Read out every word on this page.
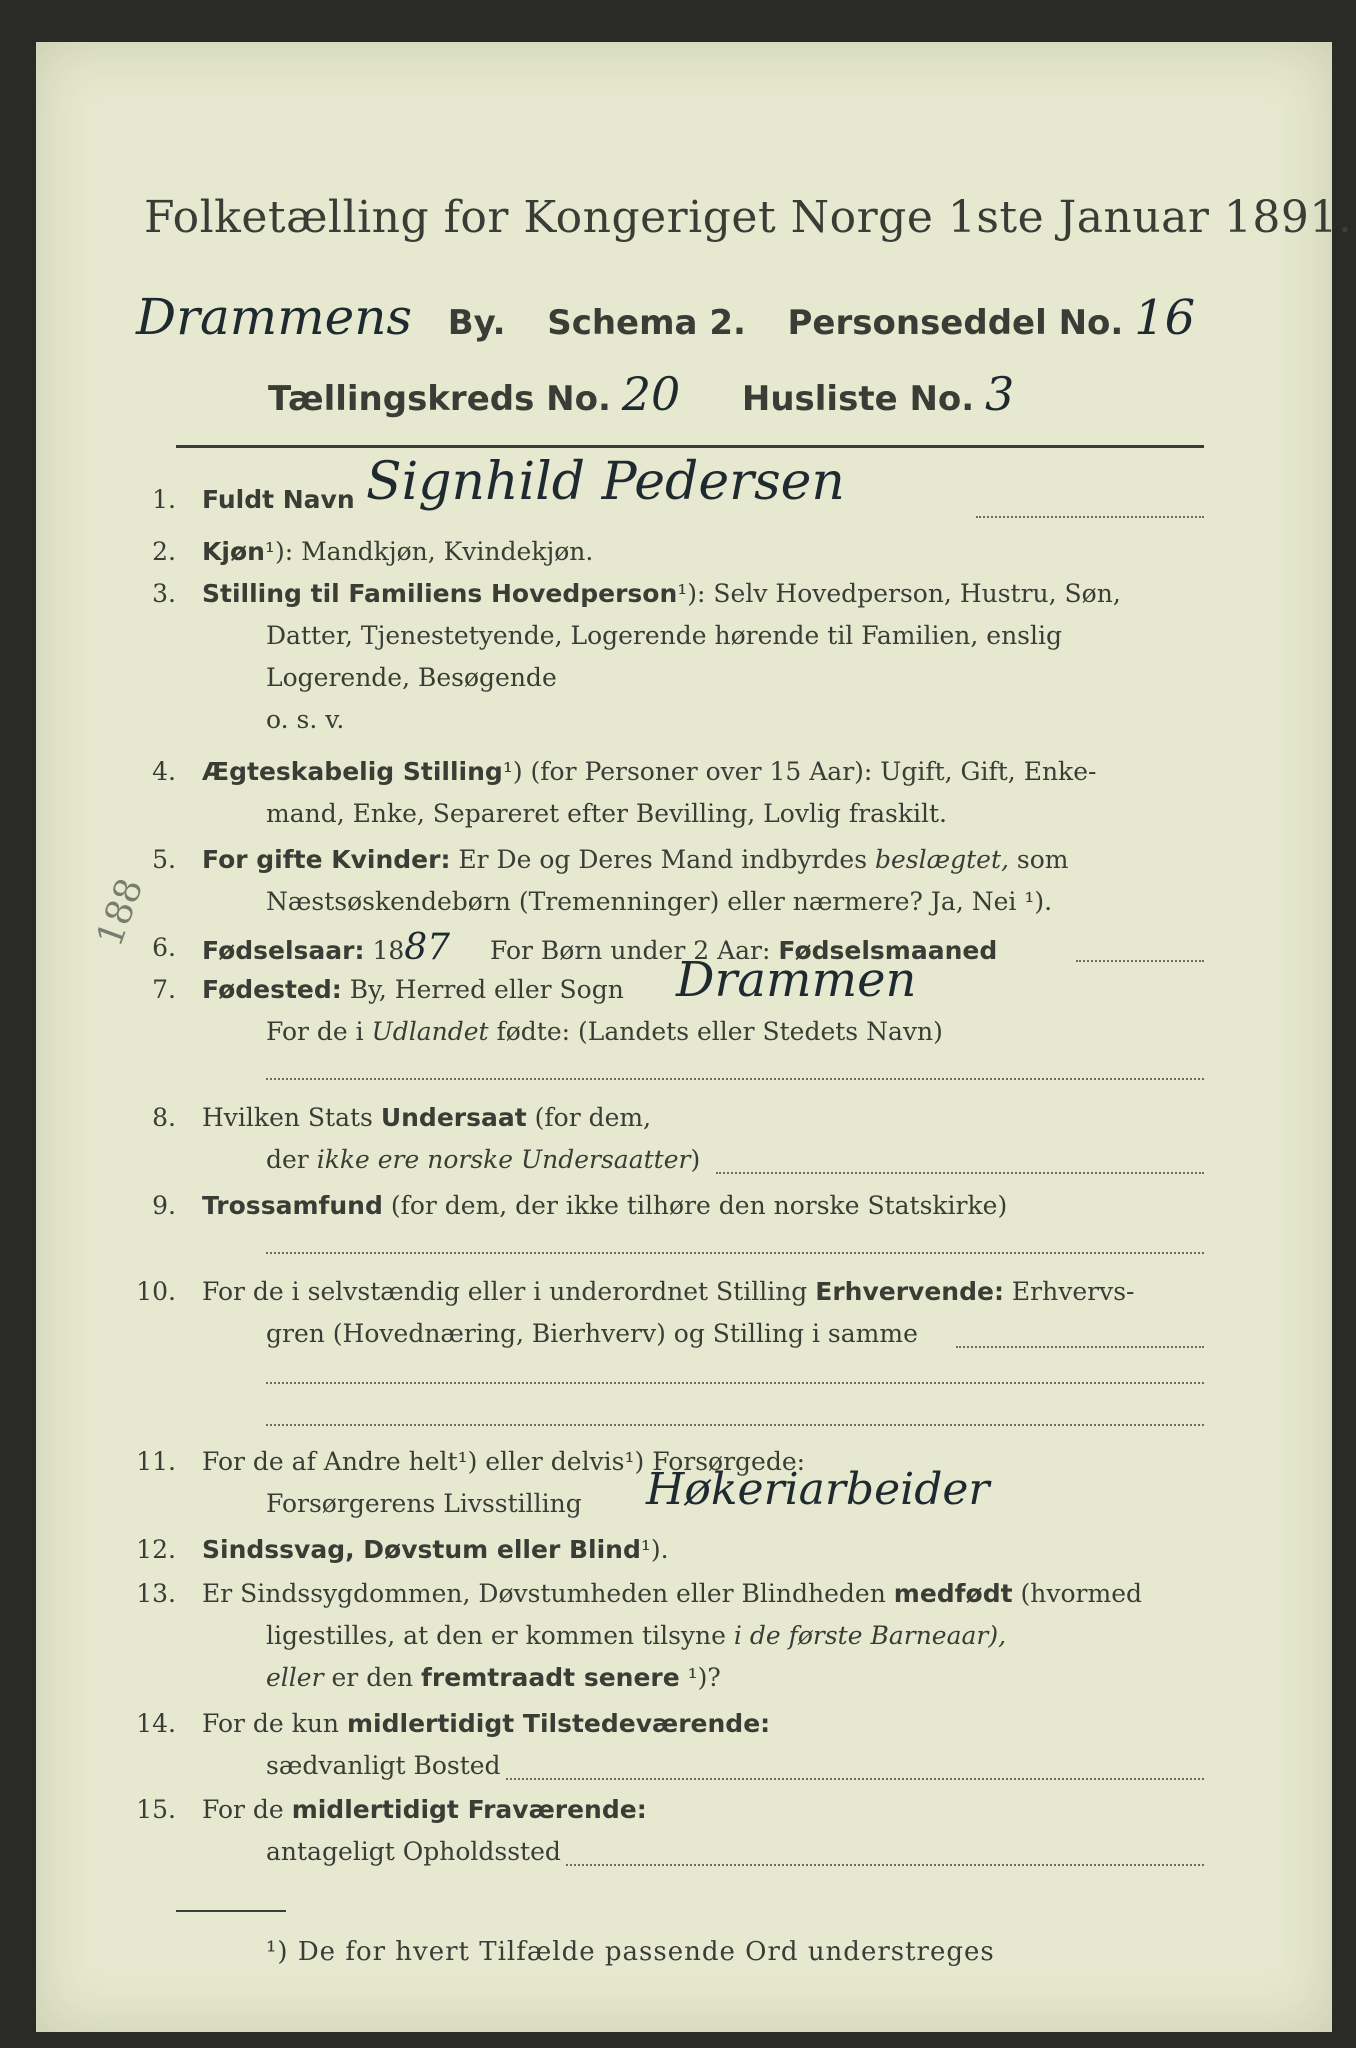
Folketælling for Kongeriget Norge 1ste Januar 1891.
Drammens By. Schema 2. Personseddel No. 16
Tællingskreds No. 20 Husliste No. 3
1. Fuldt Navn Signhild Pedersen
2. Kjøn¹): Mandkjøn, Kvindekjøn.
3. Stilling til Familiens Hovedperson¹): Selv Hovedperson, Hustru, Søn,
Datter, Tjenestetyende, Logerende hørende til Familien, enslig
Logerende, Besøgende
o. s. v.
4. Ægteskabelig Stilling¹) (for Personer over 15 Aar): Ugift, Gift, Enke-
mand, Enke, Separeret efter Bevilling, Lovlig fraskilt.
5. For gifte Kvinder: Er De og Deres Mand indbyrdes beslægtet, som
Næstsøskendebørn (Tremenninger) eller nærmere? Ja, Nei ¹).
6. Fødselsaar: 1887 For Børn under 2 Aar: Fødselsmaaned
7. Fødested: By, Herred eller Sogn Drammen
For de i Udlandet fødte: (Landets eller Stedets Navn)
8. Hvilken Stats Undersaat (for dem,
der ikke ere norske Undersaatter)
9. Trossamfund (for dem, der ikke tilhøre den norske Statskirke)
10. For de i selvstændig eller i underordnet Stilling Erhvervende: Erhvervs-
gren (Hovednæring, Bierhverv) og Stilling i samme
11. For de af Andre helt¹) eller delvis¹) Forsørgede:
Forsørgerens Livsstilling Høkeriarbeider
12. Sindssvag, Døvstum eller Blind¹).
13. Er Sindssygdommen, Døvstumheden eller Blindheden medfødt (hvormed
ligestilles, at den er kommen tilsyne i de første Barneaar),
eller er den fremtraadt senere ¹)?
14. For de kun midlertidigt Tilstedeværende:
sædvanligt Bosted
15. For de midlertidigt Fraværende:
antageligt Opholdssted
¹) De for hvert Tilfælde passende Ord understreges
188
